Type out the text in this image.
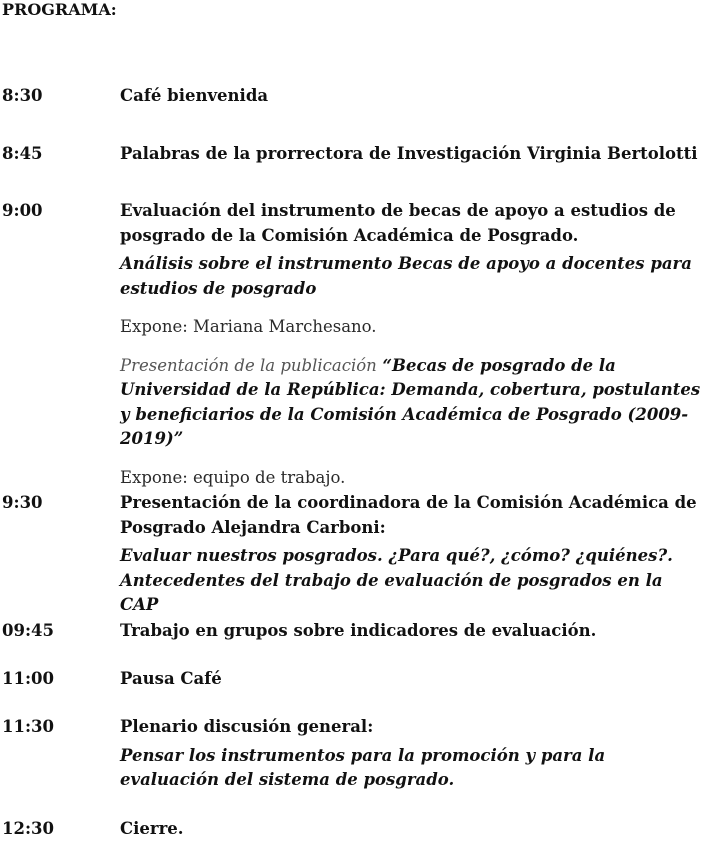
PROGRAMA:
8:30	Café bienvenida

8:45	Palabras de la prorrectora de Investigación Virginia Bertolotti

9:00	Evaluación del instrumento de becas de apoyo a estudios de posgrado de la Comisión Académica de Posgrado.

Análisis sobre el instrumento Becas de apoyo a docentes para estudios de posgrado

Expone: Mariana Marchesano.

Presentación de la publicación “Becas de posgrado de la Universidad de la República: Demanda, cobertura, postulantes y beneficiarios de la Comisión Académica de Posgrado (2009-2019)”

Expone: equipo de trabajo.

9:30	Presentación de la coordinadora de la Comisión Académica de Posgrado Alejandra Carboni:

Evaluar nuestros posgrados. ¿Para qué?, ¿cómo? ¿quiénes?. Antecedentes del trabajo de evaluación de posgrados en la CAP

09:45	Trabajo en grupos sobre indicadores de evaluación.

11:00	Pausa Café

11:30	Plenario discusión general:

Pensar los instrumentos para la promoción y para la evaluación del sistema de posgrado.

12:30	Cierre.
